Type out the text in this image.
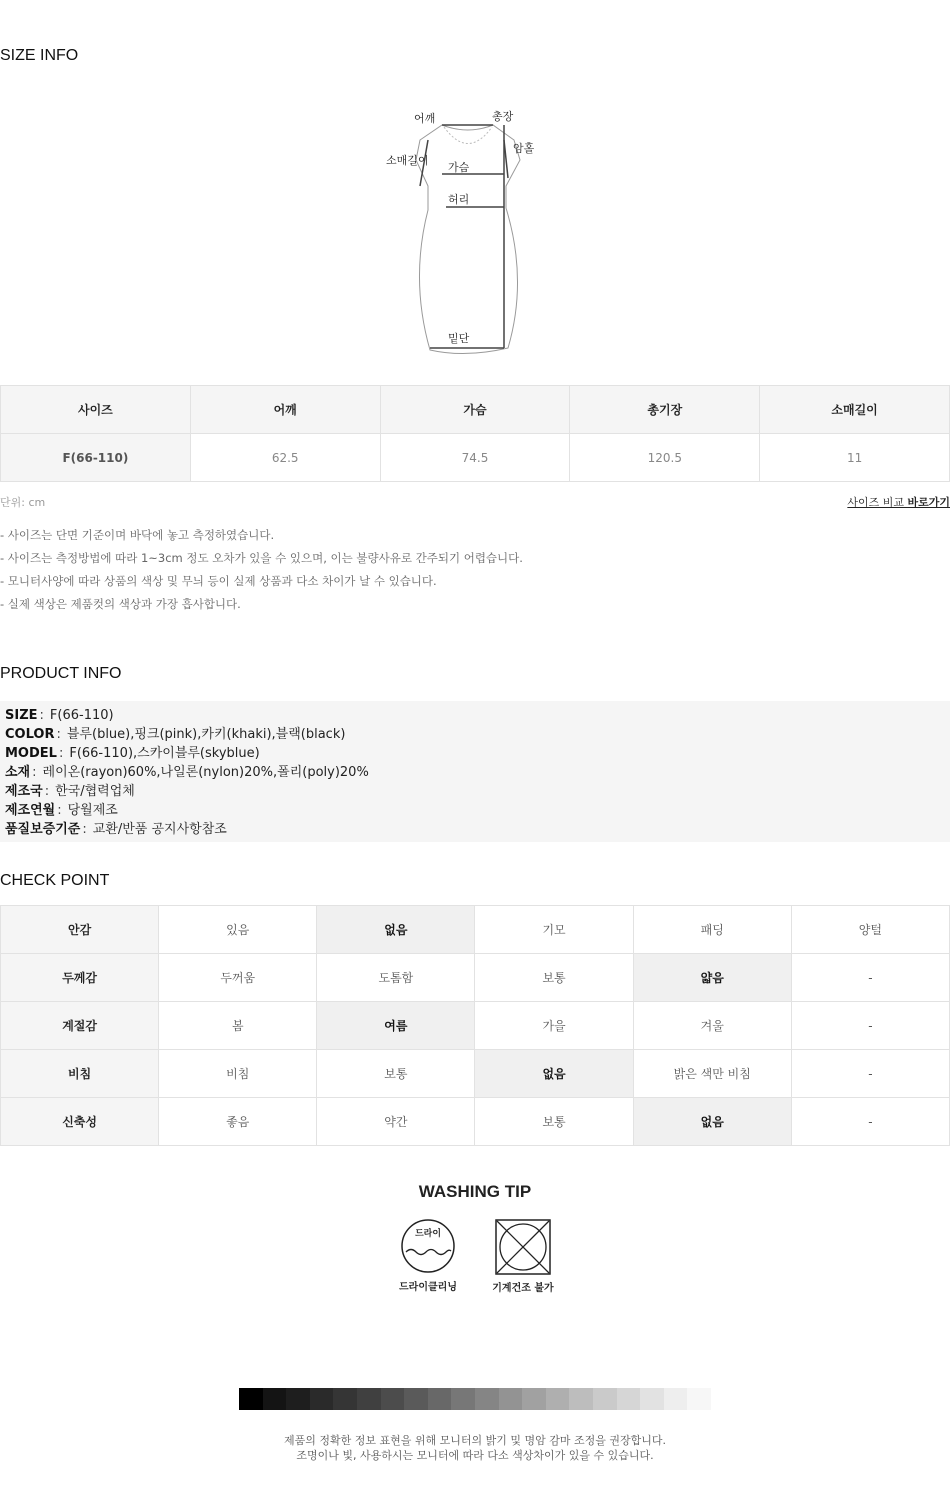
SIZE INFO
어깨	총장
암홀
소매길이
가슴
허리
밑단
사이즈	어깨	가슴	총기장	소매길이
F(66-110)	62.5	74.5	120.5	11
단위: cm	사이즈 비교 바로가기
- 사이즈는 단면 기준이며 바닥에 놓고 측정하였습니다.
- 사이즈는 측정방법에 따라 1~3cm 정도 오차가 있을 수 있으며, 이는 불량사유로 간주되기 어렵습니다.
- 모니터사양에 따라 상품의 색상 및 무늬 등이 실제 상품과 다소 차이가 날 수 있습니다.
- 실제 색상은 제품컷의 색상과 가장 흡사합니다.
PRODUCT INFO
SIZE : F(66-110)
COLOR : 블루(blue),핑크(pink),카키(khaki),블랙(black)
MODEL : F(66-110),스카이블루(skyblue)
소재 : 레이온(rayon)60%,나일론(nylon)20%,폴리(poly)20%
제조국 : 한국/협력업체
제조연월 : 당월제조
품질보증기준 : 교환/반품 공지사항참조
CHECK POINT
안감	있음	없음	기모	패딩	양털
두께감	두꺼움	도톰함	보통	얇음	-
계절감	봄	여름	가을	겨울	-
비침	비침	보통	없음	밝은 색만 비침	-
신축성	좋음	약간	보통	없음	-
WASHING TIP
드라이
드라이클리닝	기계건조 불가
제품의 정확한 정보 표현을 위해 모니터의 밝기 및 명암 감마 조정을 권장합니다.
조명이나 빛, 사용하시는 모니터에 따라 다소 색상차이가 있을 수 있습니다.
